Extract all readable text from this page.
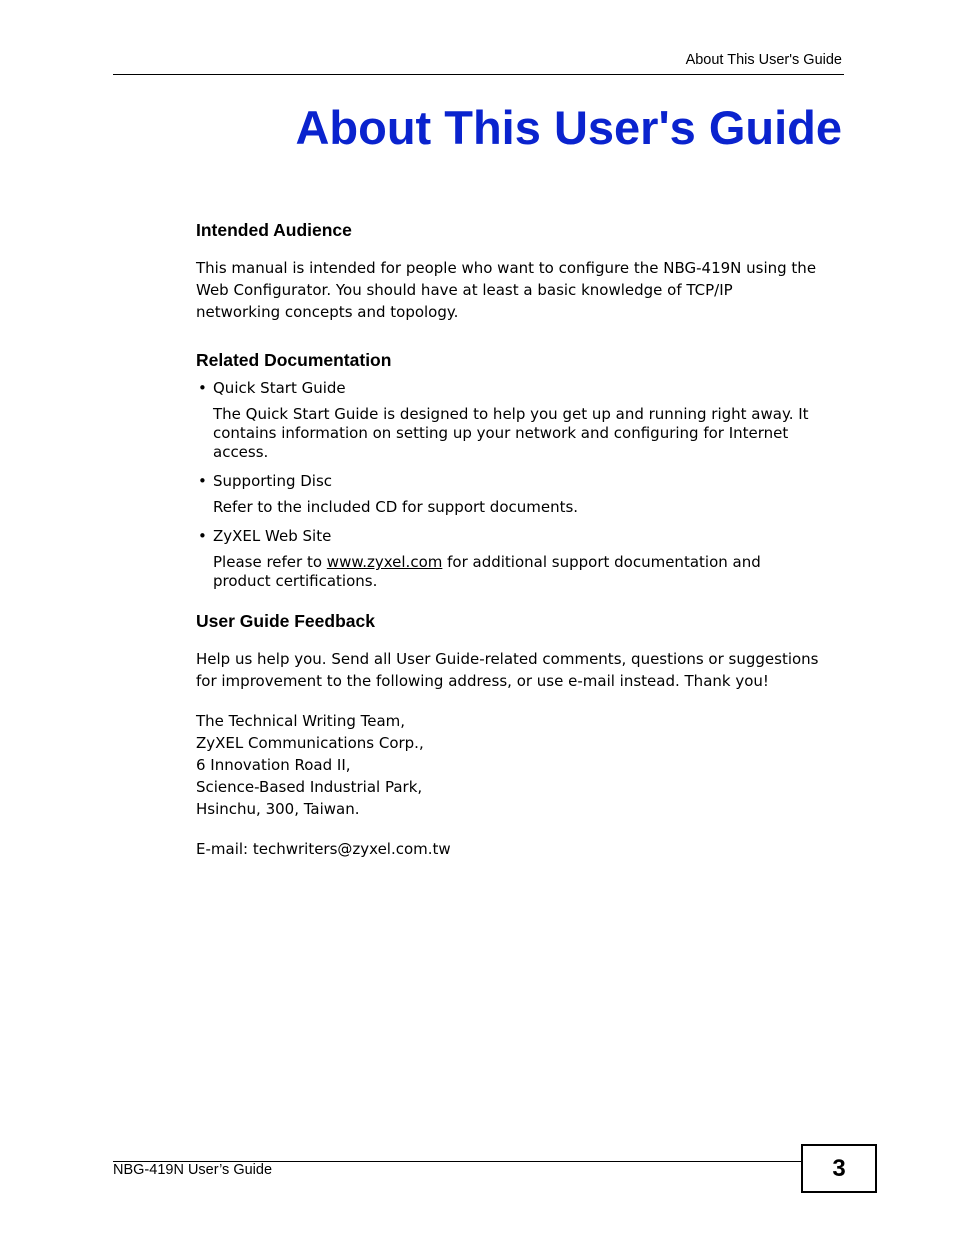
About This User's Guide
About This User's Guide
Intended Audience
This manual is intended for people who want to configure the NBG-419N using the
Web Configurator. You should have at least a basic knowledge of TCP/IP
networking concepts and topology.
Related Documentation
• Quick Start Guide
The Quick Start Guide is designed to help you get up and running right away. It
contains information on setting up your network and configuring for Internet
access.
• Supporting Disc
Refer to the included CD for support documents.
• ZyXEL Web Site
Please refer to www.zyxel.com for additional support documentation and
product certifications.
User Guide Feedback
Help us help you. Send all User Guide-related comments, questions or suggestions
for improvement to the following address, or use e-mail instead. Thank you!
The Technical Writing Team,
ZyXEL Communications Corp.,
6 Innovation Road II,
Science-Based Industrial Park,
Hsinchu, 300, Taiwan.
E-mail: techwriters@zyxel.com.tw
NBG-419N User’s Guide	3
